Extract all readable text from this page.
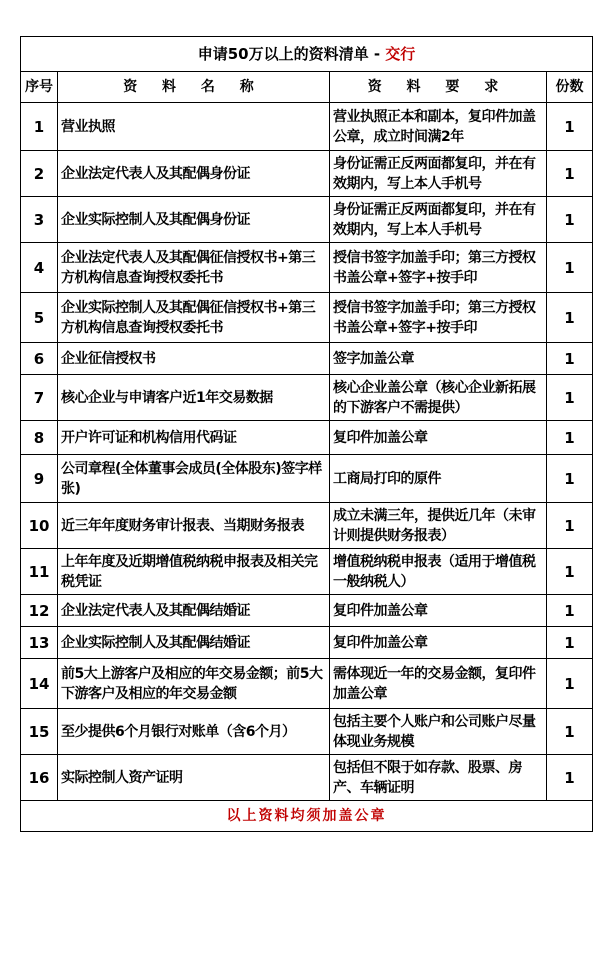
申请50万以上的资料清单 - 交行			
序号	资 料 名 称	资 料 要 求	份数
1	营业执照	营业执照正本和副本，复印件加盖公章，成立时间满2年	1
2	企业法定代表人及其配偶身份证	身份证需正反两面都复印，并在有效期内，写上本人手机号	1
3	企业实际控制人及其配偶身份证	身份证需正反两面都复印，并在有效期内，写上本人手机号	1
4	企业法定代表人及其配偶征信授权书+第三方机构信息查询授权委托书	授信书签字加盖手印；第三方授权书盖公章+签字+按手印	1
5	企业实际控制人及其配偶征信授权书+第三方机构信息查询授权委托书	授信书签字加盖手印；第三方授权书盖公章+签字+按手印	1
6	企业征信授权书	签字加盖公章	1
7	核心企业与申请客户近1年交易数据	核心企业盖公章（核心企业新拓展的下游客户不需提供）	1
8	开户许可证和机构信用代码证	复印件加盖公章	1
9	公司章程(全体董事会成员(全体股东)签字样张)	工商局打印的原件	1
10	近三年年度财务审计报表、当期财务报表	成立未满三年，提供近几年（未审计则提供财务报表）	1
11	上年年度及近期增值税纳税申报表及相关完税凭证	增值税纳税申报表（适用于增值税一般纳税人）	1
12	企业法定代表人及其配偶结婚证	复印件加盖公章	1
13	企业实际控制人及其配偶结婚证	复印件加盖公章	1
14	前5大上游客户及相应的年交易金额；前5大下游客户及相应的年交易金额	需体现近一年的交易金额，复印件加盖公章	1
15	至少提供6个月银行对账单（含6个月）	包括主要个人账户和公司账户尽量体现业务规模	1
16	实际控制人资产证明	包括但不限于如存款、股票、房产、车辆证明	1
以上资料均须加盖公章			
